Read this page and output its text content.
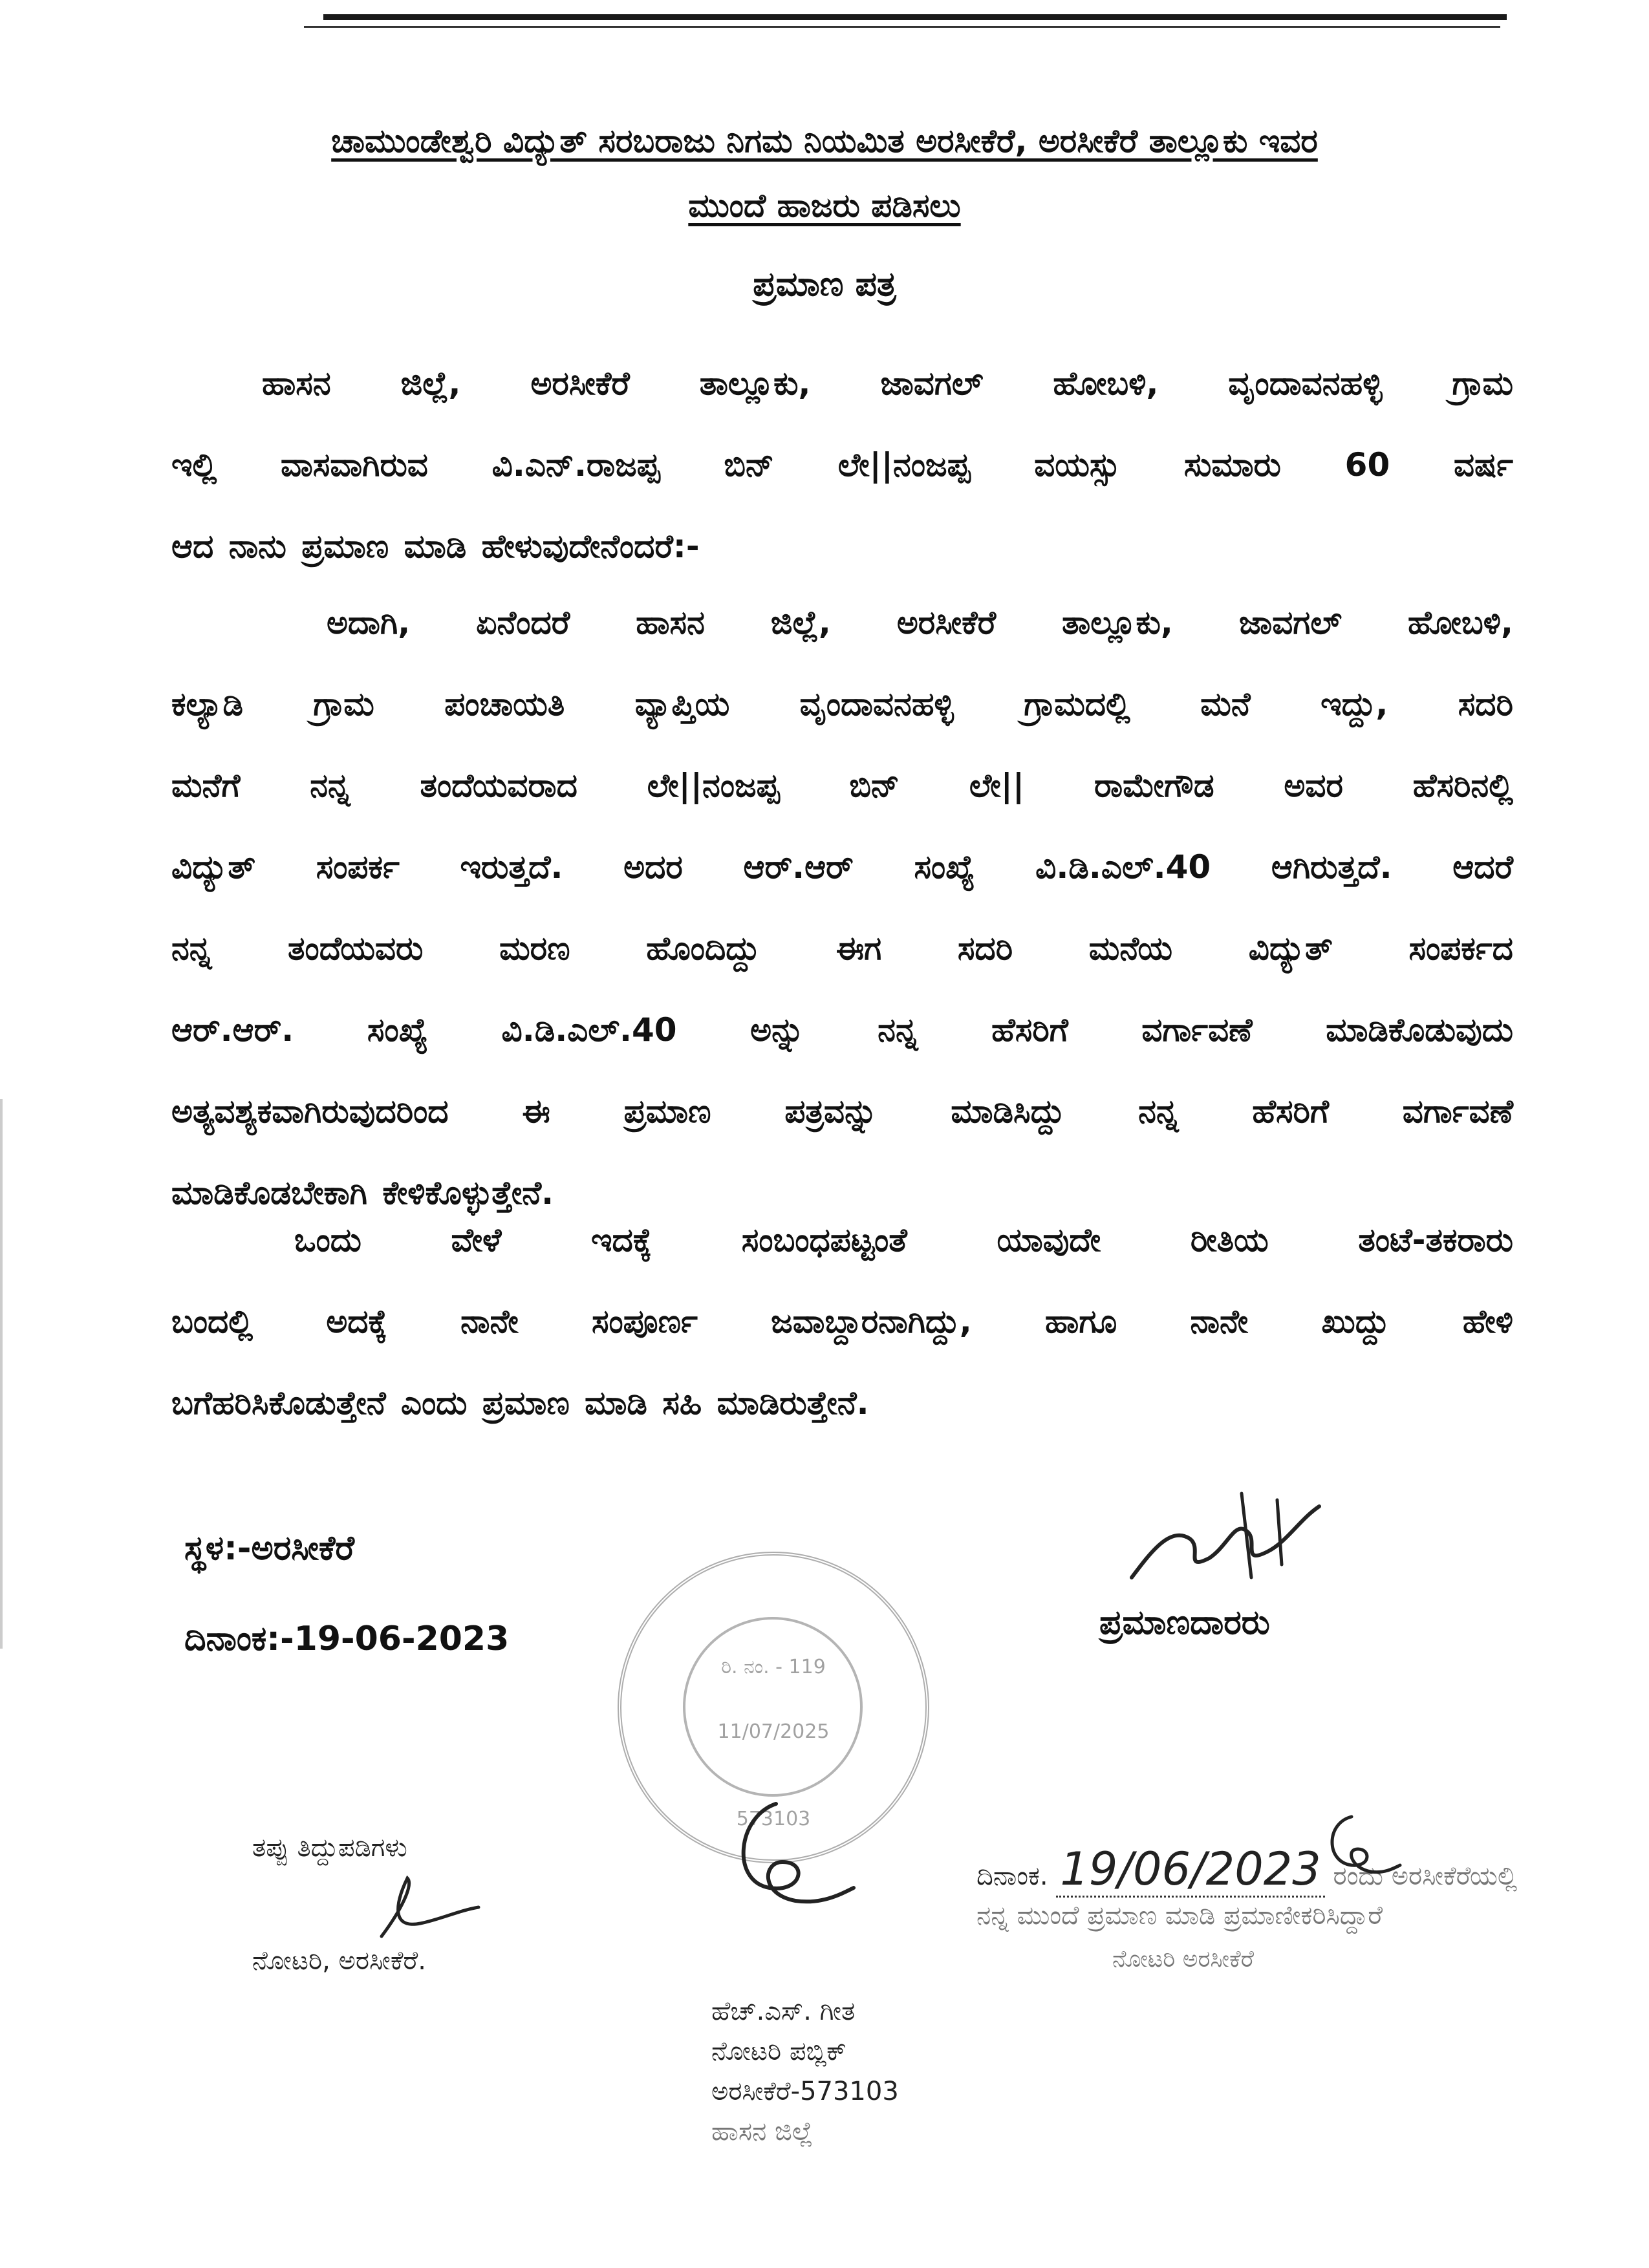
ಚಾಮುಂಡೇಶ್ವರಿ ವಿದ್ಯುತ್ ಸರಬರಾಜು ನಿಗಮ ನಿಯಮಿತ ಅರಸೀಕೆರೆ, ಅರಸೀಕೆರೆ ತಾಲ್ಲೂಕು ಇವರ

ಮುಂದೆ ಹಾಜರು ಪಡಿಸಲು

ಪ್ರಮಾಣ ಪತ್ರ

ಹಾಸನ ಜಿಲ್ಲೆ, ಅರಸೀಕೆರೆ ತಾಲ್ಲೂಕು, ಜಾವಗಲ್ ಹೋಬಳಿ, ವೃಂದಾವನಹಳ್ಳಿ ಗ್ರಾಮ
ಇಲ್ಲಿ ವಾಸವಾಗಿರುವ ವಿ.ಎನ್.ರಾಜಪ್ಪ ಬಿನ್ ಲೇ||ನಂಜಪ್ಪ ವಯಸ್ಸು ಸುಮಾರು 60 ವರ್ಷ
ಆದ ನಾನು ಪ್ರಮಾಣ ಮಾಡಿ ಹೇಳುವುದೇನೆಂದರೆ:-
ಅದಾಗಿ, ಏನೆಂದರೆ ಹಾಸನ ಜಿಲ್ಲೆ, ಅರಸೀಕೆರೆ ತಾಲ್ಲೂಕು, ಜಾವಗಲ್ ಹೋಬಳಿ,
ಕಲ್ಯಾಡಿ ಗ್ರಾಮ ಪಂಚಾಯತಿ ವ್ಯಾಪ್ತಿಯ ವೃಂದಾವನಹಳ್ಳಿ ಗ್ರಾಮದಲ್ಲಿ ಮನೆ ಇದ್ದು, ಸದರಿ
ಮನೆಗೆ ನನ್ನ ತಂದೆಯವರಾದ ಲೇ||ನಂಜಪ್ಪ ಬಿನ್ ಲೇ|| ರಾಮೇಗೌಡ ಅವರ ಹೆಸರಿನಲ್ಲಿ
ವಿದ್ಯುತ್ ಸಂಪರ್ಕ ಇರುತ್ತದೆ. ಅದರ ಆರ್.ಆರ್ ಸಂಖ್ಯೆ ವಿ.ಡಿ.ಎಲ್.40 ಆಗಿರುತ್ತದೆ. ಆದರೆ
ನನ್ನ ತಂದೆಯವರು ಮರಣ ಹೊಂದಿದ್ದು ಈಗ ಸದರಿ ಮನೆಯ ವಿದ್ಯುತ್ ಸಂಪರ್ಕದ
ಆರ್.ಆರ್. ಸಂಖ್ಯೆ ವಿ.ಡಿ.ಎಲ್.40 ಅನ್ನು ನನ್ನ ಹೆಸರಿಗೆ ವರ್ಗಾವಣೆ ಮಾಡಿಕೊಡುವುದು
ಅತ್ಯವಶ್ಯಕವಾಗಿರುವುದರಿಂದ ಈ ಪ್ರಮಾಣ ಪತ್ರವನ್ನು ಮಾಡಿಸಿದ್ದು ನನ್ನ ಹೆಸರಿಗೆ ವರ್ಗಾವಣೆ
ಮಾಡಿಕೊಡಬೇಕಾಗಿ ಕೇಳಿಕೊಳ್ಳುತ್ತೇನೆ.
ಒಂದು ವೇಳೆ ಇದಕ್ಕೆ ಸಂಬಂಧಪಟ್ಟಂತೆ ಯಾವುದೇ ರೀತಿಯ ತಂಟೆ-ತಕರಾರು
ಬಂದಲ್ಲಿ ಅದಕ್ಕೆ ನಾನೇ ಸಂಪೂರ್ಣ ಜವಾಬ್ದಾರನಾಗಿದ್ದು, ಹಾಗೂ ನಾನೇ ಖುದ್ದು ಹೇಳಿ
ಬಗೆಹರಿಸಿಕೊಡುತ್ತೇನೆ ಎಂದು ಪ್ರಮಾಣ ಮಾಡಿ ಸಹಿ ಮಾಡಿರುತ್ತೇನೆ.

ಸ್ಥಳ:-ಅರಸೀಕೆರೆ

ದಿನಾಂಕ:-19-06-2023	ಪ್ರಮಾಣದಾರರು

ರಿ. ನಂ. - 119
11/07/2025
573103

ತಪ್ಪು ತಿದ್ದುಪಡಿಗಳು

ನೋಟರಿ, ಅರಸೀಕೆರೆ.

ದಿನಾಂಕ. 19/06/2023 ರಂದು ಅರಸೀಕೆರೆಯಲ್ಲಿ

ನನ್ನ ಮುಂದೆ ಪ್ರಮಾಣ ಮಾಡಿ ಪ್ರಮಾಣೀಕರಿಸಿದ್ದಾರೆ

ನೋಟರಿ ಅರಸೀಕೆರೆ

ಹೆಚ್.ಎಸ್. ಗೀತ
ನೋಟರಿ ಪಬ್ಲಿಕ್
ಅರಸೀಕೆರೆ-573103
ಹಾಸನ ಜಿಲ್ಲೆ
